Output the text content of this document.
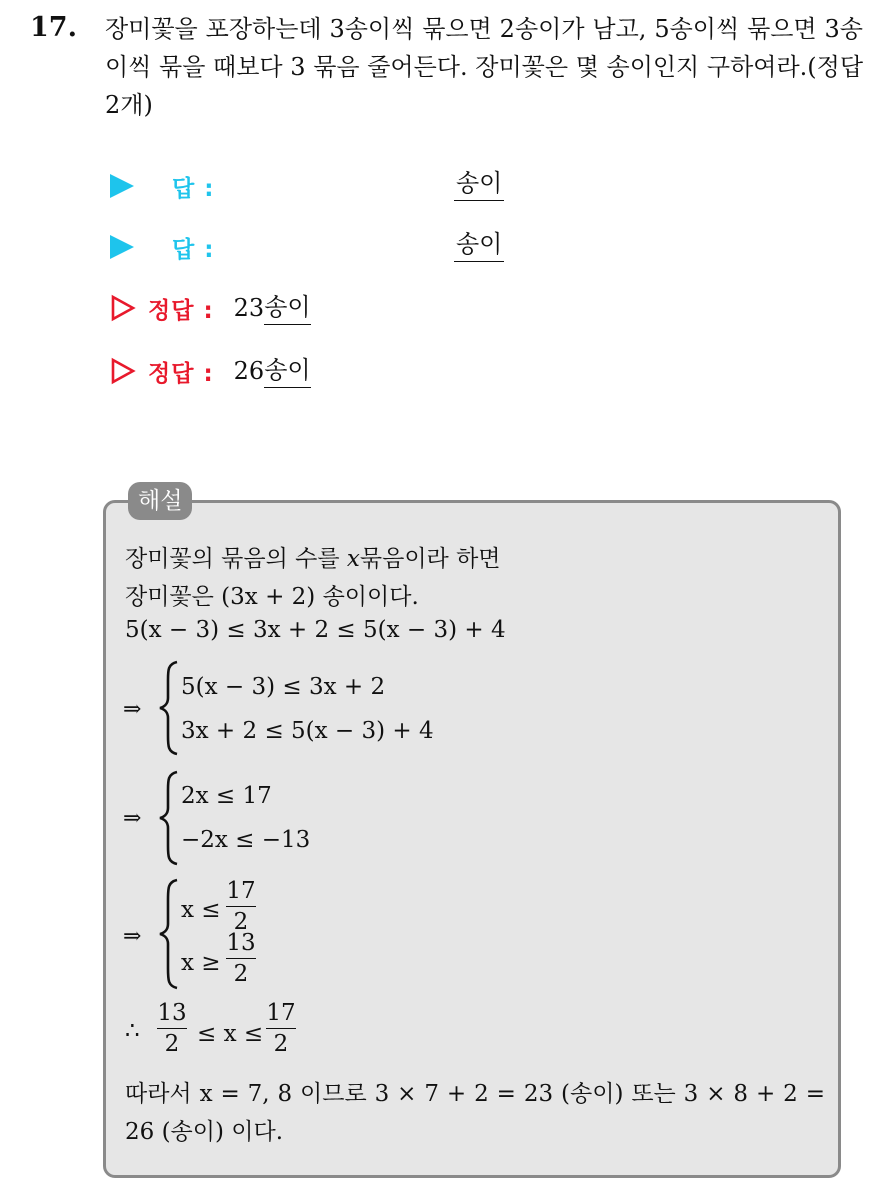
17. 장미꽃을 포장하는데 3송이씩 묶으면 2송이가 남고, 5송이씩 묶으면 3송이씩 묶을 때보다 3 묶음 줄어든다. 장미꽃은 몇 송이인지 구하여라.(정답 2개)
답 :	송이
답 :	송이
정답 : 23 송이
정답 : 26 송이
해설
장미꽃의 묶음의 수를 x묶음이라 하면
장미꽃은 (3x + 2) 송이이다.
5(x − 3) ≤ 3x + 2 ≤ 5(x − 3) + 4
⇒
5(x − 3) ≤ 3x + 2
3x + 2 ≤ 5(x − 3) + 4
⇒
2x ≤ 17
−2x ≤ −13
⇒
x ≤
17
2
x ≥
13
2
∴
13
2 ≤ x ≤
17
2
따라서 x = 7, 8 이므로 3 × 7 + 2 = 23 (송이) 또는 3 × 8 + 2 =
26 (송이) 이다.
